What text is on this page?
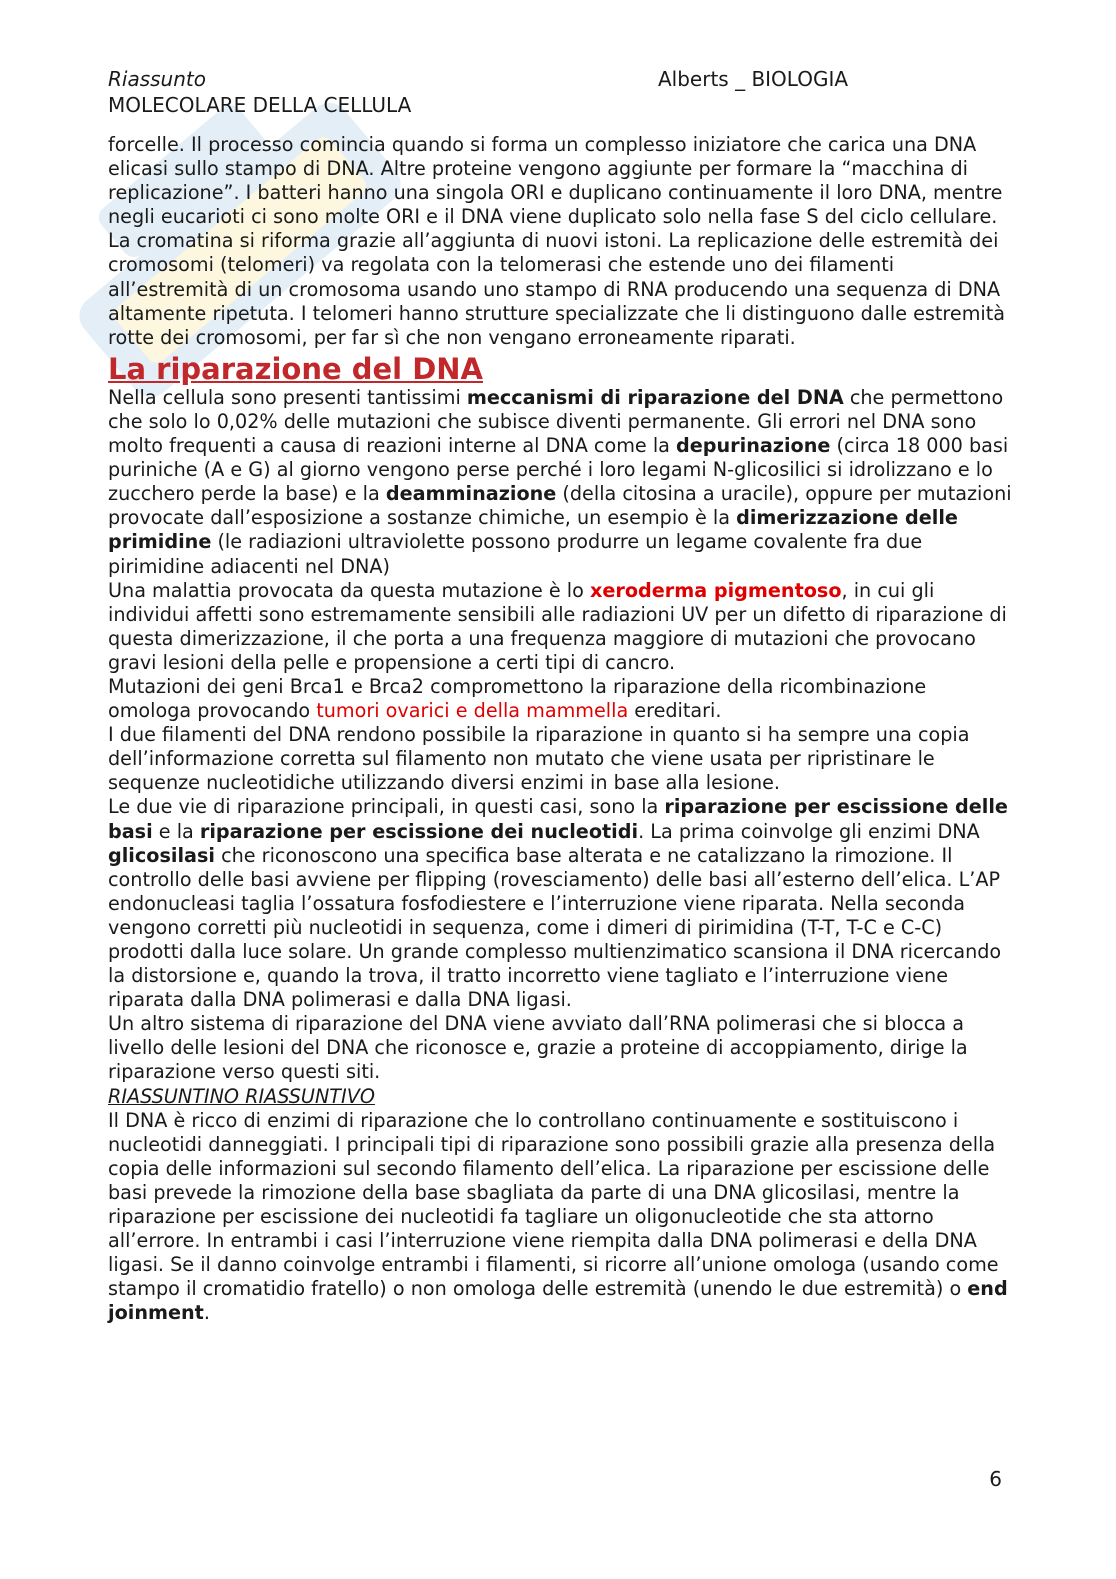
Riassunto
MOLECOLARE DELLA CELLULA
Alberts _ BIOLOGIA

forcelle. Il processo comincia quando si forma un complesso iniziatore che carica una DNA elicasi sullo stampo di DNA. Altre proteine vengono aggiunte per formare la “macchina di replicazione”. I batteri hanno una singola ORI e duplicano continuamente il loro DNA, mentre negli eucarioti ci sono molte ORI e il DNA viene duplicato solo nella fase S del ciclo cellulare. La cromatina si riforma grazie all’aggiunta di nuovi istoni. La replicazione delle estremità dei cromosomi (telomeri) va regolata con la telomerasi che estende uno dei filamenti all’estremità di un cromosoma usando uno stampo di RNA producendo una sequenza di DNA altamente ripetuta. I telomeri hanno strutture specializzate che li distinguono dalle estremità rotte dei cromosomi, per far sì che non vengano erroneamente riparati.

La riparazione del DNA

Nella cellula sono presenti tantissimi meccanismi di riparazione del DNA che permettono che solo lo 0,02% delle mutazioni che subisce diventi permanente. Gli errori nel DNA sono molto frequenti a causa di reazioni interne al DNA come la depurinazione (circa 18 000 basi puriniche (A e G) al giorno vengono perse perché i loro legami N-glicosilici si idrolizzano e lo zucchero perde la base) e la deamminazione (della citosina a uracile), oppure per mutazioni provocate dall’esposizione a sostanze chimiche, un esempio è la dimerizzazione delle primidine (le radiazioni ultraviolette possono produrre un legame covalente fra due pirimidine adiacenti nel DNA)

Una malattia provocata da questa mutazione è lo xeroderma pigmentoso, in cui gli individui affetti sono estremamente sensibili alle radiazioni UV per un difetto di riparazione di questa dimerizzazione, il che porta a una frequenza maggiore di mutazioni che provocano gravi lesioni della pelle e propensione a certi tipi di cancro.

Mutazioni dei geni Brca1 e Brca2 compromettono la riparazione della ricombinazione omologa provocando tumori ovarici e della mammella ereditari.

I due filamenti del DNA rendono possibile la riparazione in quanto si ha sempre una copia dell’informazione corretta sul filamento non mutato che viene usata per ripristinare le sequenze nucleotidiche utilizzando diversi enzimi in base alla lesione.

Le due vie di riparazione principali, in questi casi, sono la riparazione per escissione delle basi e la riparazione per escissione dei nucleotidi. La prima coinvolge gli enzimi DNA glicosilasi che riconoscono una specifica base alterata e ne catalizzano la rimozione. Il controllo delle basi avviene per flipping (rovesciamento) delle basi all’esterno dell’elica. L’AP endonucleasi taglia l’ossatura fosfodiestere e l’interruzione viene riparata. Nella seconda vengono corretti più nucleotidi in sequenza, come i dimeri di pirimidina (T-T, T-C e C-C) prodotti dalla luce solare. Un grande complesso multienzimatico scansiona il DNA ricercando la distorsione e, quando la trova, il tratto incorretto viene tagliato e l’interruzione viene riparata dalla DNA polimerasi e dalla DNA ligasi.

Un altro sistema di riparazione del DNA viene avviato dall’RNA polimerasi che si blocca a livello delle lesioni del DNA che riconosce e, grazie a proteine di accoppiamento, dirige la riparazione verso questi siti.

RIASSUNTINO RIASSUNTIVO

Il DNA è ricco di enzimi di riparazione che lo controllano continuamente e sostituiscono i nucleotidi danneggiati. I principali tipi di riparazione sono possibili grazie alla presenza della copia delle informazioni sul secondo filamento dell’elica. La riparazione per escissione delle basi prevede la rimozione della base sbagliata da parte di una DNA glicosilasi, mentre la riparazione per escissione dei nucleotidi fa tagliare un oligonucleotide che sta attorno all’errore. In entrambi i casi l’interruzione viene riempita dalla DNA polimerasi e della DNA ligasi. Se il danno coinvolge entrambi i filamenti, si ricorre all’unione omologa (usando come stampo il cromatidio fratello) o non omologa delle estremità (unendo le due estremità) o end joinment.

6
